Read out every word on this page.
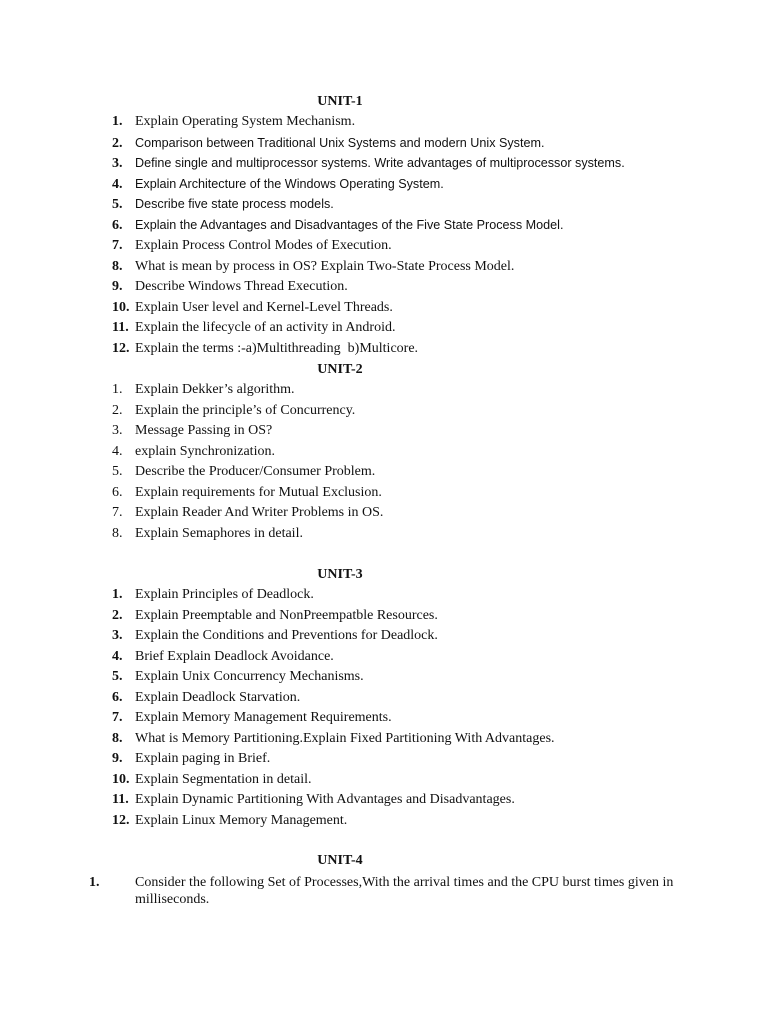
UNIT-1
1. Explain Operating System Mechanism.
2. Comparison between Traditional Unix Systems and modern Unix System.
3. Define single and multiprocessor systems. Write advantages of multiprocessor systems.
4. Explain Architecture of the Windows Operating System.
5. Describe five state process models.
6. Explain the Advantages and Disadvantages of the Five State Process Model.
7. Explain Process Control Modes of Execution.
8. What is mean by process in OS? Explain Two-State Process Model.
9. Describe Windows Thread Execution.
10. Explain User level and Kernel-Level Threads.
11. Explain the lifecycle of an activity in Android.
12. Explain the terms :-a)Multithreading  b)Multicore.
UNIT-2
1. Explain Dekker’s algorithm.
2. Explain the principle’s of Concurrency.
3. Message Passing in OS?
4. explain Synchronization.
5. Describe the Producer/Consumer Problem.
6. Explain requirements for Mutual Exclusion.
7. Explain Reader And Writer Problems in OS.
8. Explain Semaphores in detail.
UNIT-3
1. Explain Principles of Deadlock.
2. Explain Preemptable and NonPreempatble Resources.
3. Explain the Conditions and Preventions for Deadlock.
4. Brief Explain Deadlock Avoidance.
5. Explain Unix Concurrency Mechanisms.
6. Explain Deadlock Starvation.
7. Explain Memory Management Requirements.
8. What is Memory Partitioning.Explain Fixed Partitioning With Advantages.
9. Explain paging in Brief.
10. Explain Segmentation in detail.
11. Explain Dynamic Partitioning With Advantages and Disadvantages.
12. Explain Linux Memory Management.
UNIT-4
1.	Consider the following Set of Processes,With the arrival times and the CPU burst times given in milliseconds.
